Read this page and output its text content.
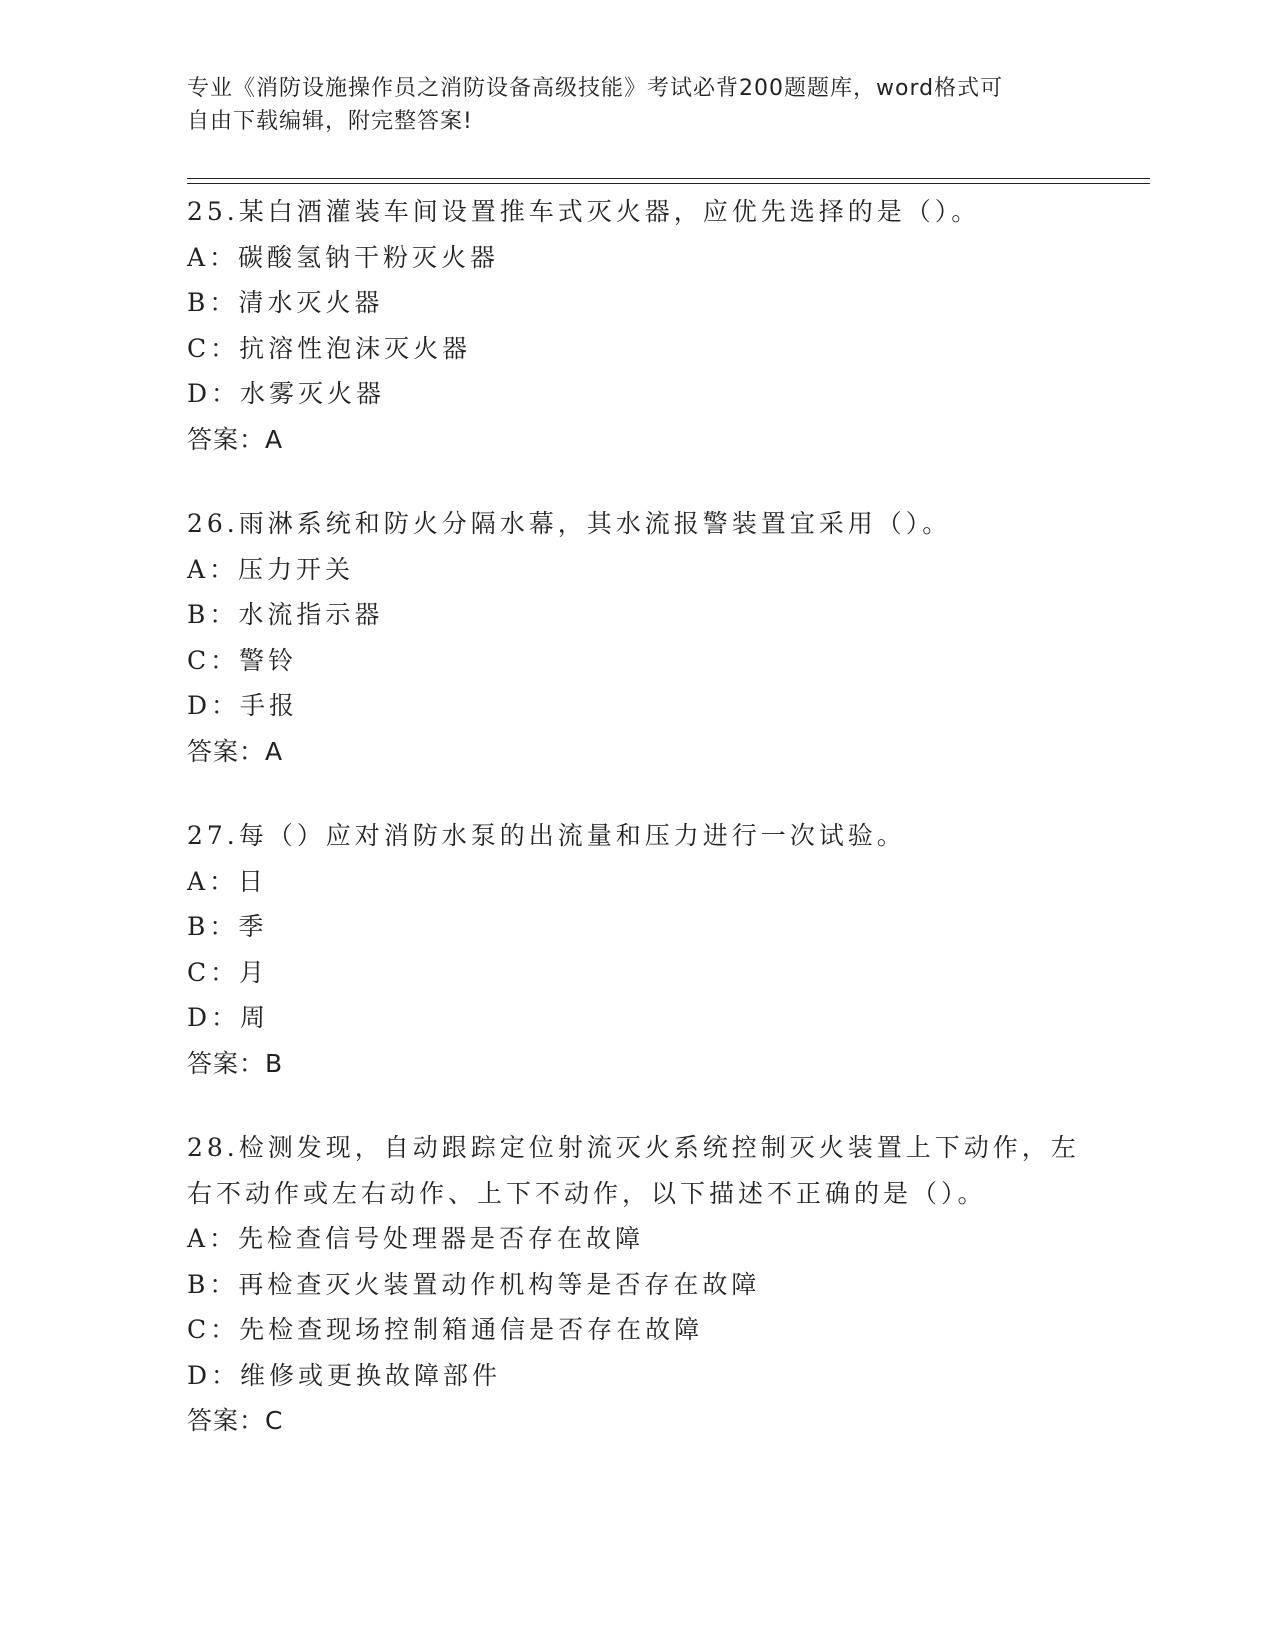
专业《消防设施操作员之消防设备高级技能》考试必背200题题库，word格式可
自由下载编辑，附完整答案!

25.某白酒灌装车间设置推车式灭火器，应优先选择的是（）。

A：碳酸氢钠干粉灭火器

B：清水灭火器

C：抗溶性泡沫灭火器

D：水雾灭火器

答案：A

26.雨淋系统和防火分隔水幕，其水流报警装置宜采用（）。

A：压力开关

B：水流指示器

C：警铃

D：手报

答案：A

27.每（）应对消防水泵的出流量和压力进行一次试验。

A：日

B：季

C：月

D：周

答案：B

28.检测发现，自动跟踪定位射流灭火系统控制灭火装置上下动作，左

右不动作或左右动作、上下不动作，以下描述不正确的是（）。

A：先检查信号处理器是否存在故障

B：再检查灭火装置动作机构等是否存在故障

C：先检查现场控制箱通信是否存在故障

D：维修或更换故障部件

答案：C
